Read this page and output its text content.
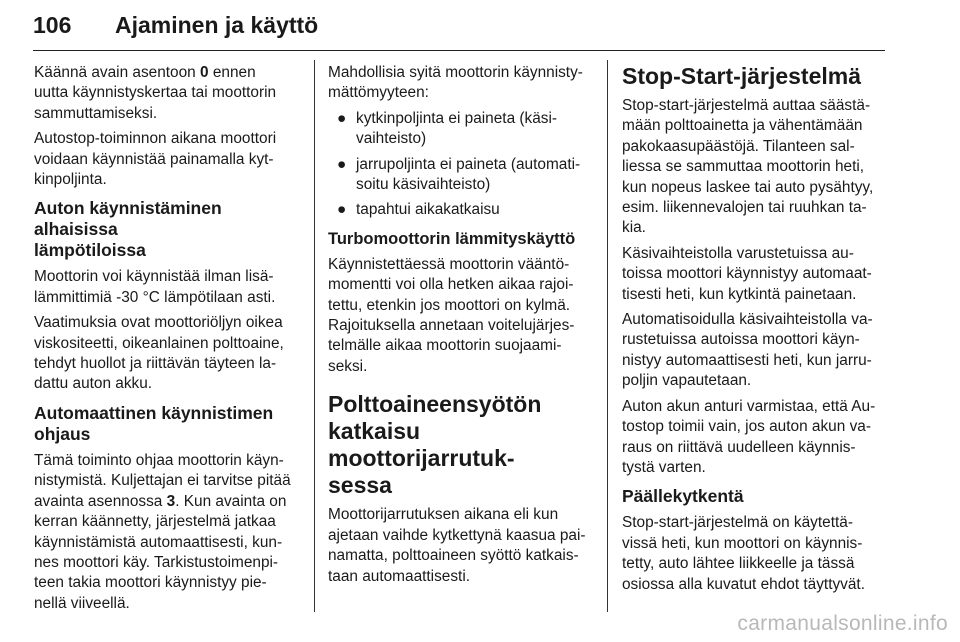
106 Ajaminen ja käyttö

Käännä avain asentoon 0 ennen
uutta käynnistyskertaa tai moottorin
sammuttamiseksi.

Autostop-toiminnon aikana moottori
voidaan käynnistää painamalla kyt-
kinpoljinta.

Auton käynnistäminen alhaisissa
lämpötiloissa

Moottorin voi käynnistää ilman lisä-
lämmittimiä -30 °C lämpötilaan asti.

Vaatimuksia ovat moottoriöljyn oikea
viskositeetti, oikeanlainen polttoaine,
tehdyt huollot ja riittävän täyteen la-
dattu auton akku.

Automaattinen käynnistimen
ohjaus

Tämä toiminto ohjaa moottorin käyn-
nistymistä. Kuljettajan ei tarvitse pitää
avainta asennossa 3. Kun avainta on
kerran käännetty, järjestelmä jatkaa
käynnistämistä automaattisesti, kun-
nes moottori käy. Tarkistustoimenpi-
teen takia moottori käynnistyy pie-
nellä viiveellä.

Mahdollisia syitä moottorin käynnisty-
mättömyyteen:

● kytkinpoljinta ei paineta (käsi-
vaihteisto)
● jarrupoljinta ei paineta (automati-
soitu käsivaihteisto)
● tapahtui aikakatkaisu
Turbomoottorin lämmityskäyttö

Käynnistettäessä moottorin vääntö-
momentti voi olla hetken aikaa rajoi-
tettu, etenkin jos moottori on kylmä.
Rajoituksella annetaan voitelujärjes-
telmälle aikaa moottorin suojaami-
seksi.

Polttoaineensyötön
katkaisu moottorijarrutuk-
sessa

Moottorijarrutuksen aikana eli kun
ajetaan vaihde kytkettynä kaasua pai-
namatta, polttoaineen syöttö katkais-
taan automaattisesti.

Stop-Start-järjestelmä

Stop-start-järjestelmä auttaa säästä-
mään polttoainetta ja vähentämään
pakokaasupäästöjä. Tilanteen sal-
liessa se sammuttaa moottorin heti,
kun nopeus laskee tai auto pysähtyy,
esim. liikennevalojen tai ruuhkan ta-
kia.

Käsivaihteistolla varustetuissa au-
toissa moottori käynnistyy automaat-
tisesti heti, kun kytkintä painetaan.

Automatisoidulla käsivaihteistolla va-
rustetuissa autoissa moottori käyn-
nistyy automaattisesti heti, kun jarru-
poljin vapautetaan.

Auton akun anturi varmistaa, että Au-
tostop toimii vain, jos auton akun va-
raus on riittävä uudelleen käynnis-
tystä varten.

Päällekytkentä

Stop-start-järjestelmä on käytettä-
vissä heti, kun moottori on käynnis-
tetty, auto lähtee liikkeelle ja tässä
osiossa alla kuvatut ehdot täyttyvät.

carmanualsonline.info
